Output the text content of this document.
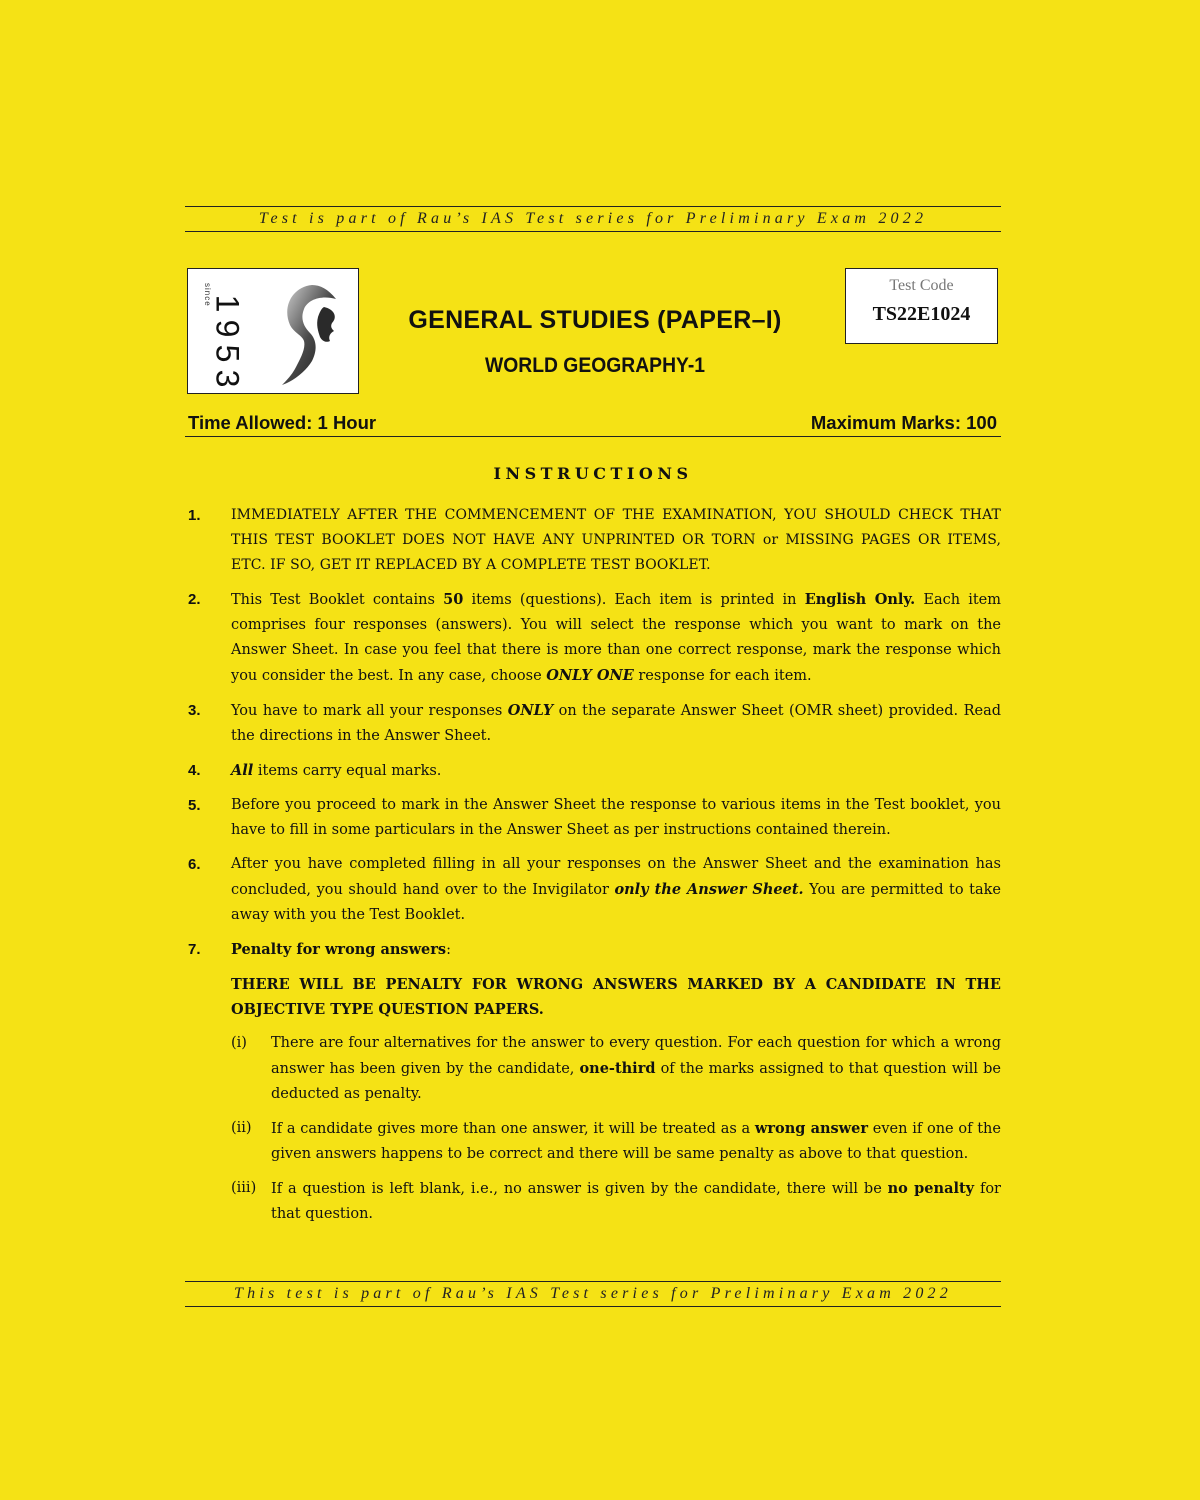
Test is part of Rau’s IAS Test series for Preliminary Exam 2022
since
1
9
5
3
GENERAL STUDIES (PAPER–I)
WORLD GEOGRAPHY-1
Test Code
TS22E1024
Time Allowed: 1 Hour	Maximum Marks: 100
INSTRUCTIONS
1. IMMEDIATELY AFTER THE COMMENCEMENT OF THE EXAMINATION, YOU SHOULD CHECK THAT THIS TEST BOOKLET DOES NOT HAVE ANY UNPRINTED OR TORN or MISSING PAGES OR ITEMS, ETC. IF SO, GET IT REPLACED BY A COMPLETE TEST BOOKLET.

2. This Test Booklet contains 50 items (questions). Each item is printed in English Only. Each item comprises four responses (answers). You will select the response which you want to mark on the Answer Sheet. In case you feel that there is more than one correct response, mark the response which you consider the best. In any case, choose ONLY ONE response for each item.

3. You have to mark all your responses ONLY on the separate Answer Sheet (OMR sheet) provided. Read the directions in the Answer Sheet.

4. All items carry equal marks.

5. Before you proceed to mark in the Answer Sheet the response to various items in the Test booklet, you have to fill in some particulars in the Answer Sheet as per instructions contained therein.

6. After you have completed filling in all your responses on the Answer Sheet and the examination has concluded, you should hand over to the Invigilator only the Answer Sheet. You are permitted to take away with you the Test Booklet.

7. Penalty for wrong answers:

THERE WILL BE PENALTY FOR WRONG ANSWERS MARKED BY A CANDIDATE IN THE OBJECTIVE TYPE QUESTION PAPERS.
(i) There are four alternatives for the answer to every question. For each question for which a wrong answer has been given by the candidate, one-third of the marks assigned to that question will be deducted as penalty.

(ii) If a candidate gives more than one answer, it will be treated as a wrong answer even if one of the given answers happens to be correct and there will be same penalty as above to that question.

(iii) If a question is left blank, i.e., no answer is given by the candidate, there will be no penalty for that question.

This test is part of Rau’s IAS Test series for Preliminary Exam 2022
